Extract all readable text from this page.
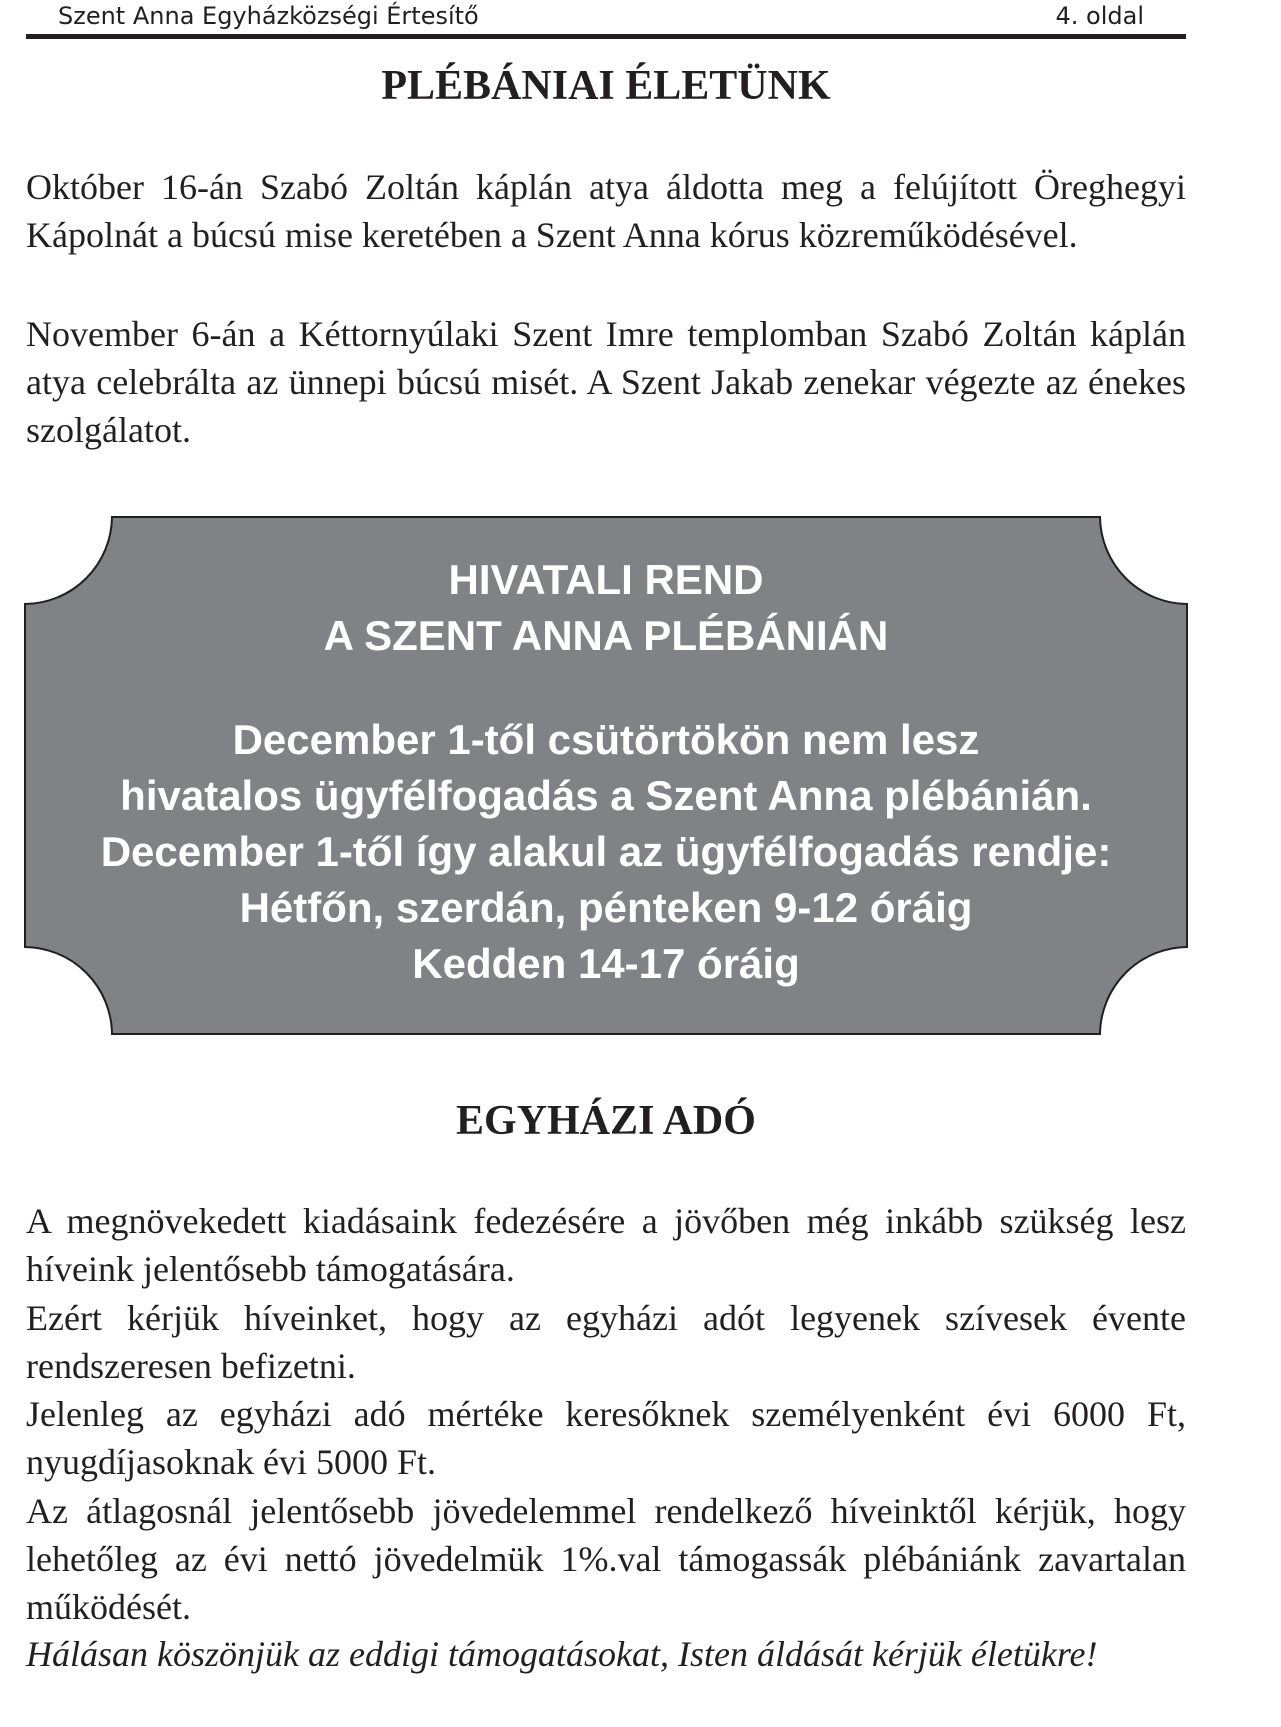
Szent Anna Egyházközségi Értesítő	4. oldal
PLÉBÁNIAI ÉLETÜNK

Október 16-án Szabó Zoltán káplán atya áldotta meg a felújított Öreghegyi Kápolnát a búcsú mise keretében a Szent Anna kórus közreműködésével.

November 6-án a Kéttornyúlaki Szent Imre templomban Szabó Zoltán káplán atya celebrálta az ünnepi búcsú misét. A Szent Jakab zenekar végezte az énekes szolgálatot.

HIVATALI REND
A SZENT ANNA PLÉBÁNIÁN
December 1-től csütörtökön nem lesz
hivatalos ügyfélfogadás a Szent Anna plébánián.
December 1-től így alakul az ügyfélfogadás rendje:
Hétfőn, szerdán, pénteken 9-12 óráig
Kedden 14-17 óráig
EGYHÁZI ADÓ

A megnövekedett kiadásaink fedezésére a jövőben még inkább szükség lesz híveink jelentősebb támogatására.

Ezért kérjük híveinket, hogy az egyházi adót legyenek szívesek évente rendszeresen befizetni.

Jelenleg az egyházi adó mértéke keresőknek személyenként évi 6000 Ft, nyugdíjasoknak évi 5000 Ft.

Az átlagosnál jelentősebb jövedelemmel rendelkező híveinktől kérjük, hogy lehetőleg az évi nettó jövedelmük 1%.val támogassák plébániánk zavartalan működését.

Hálásan köszönjük az eddigi támogatásokat, Isten áldását kérjük életükre!
